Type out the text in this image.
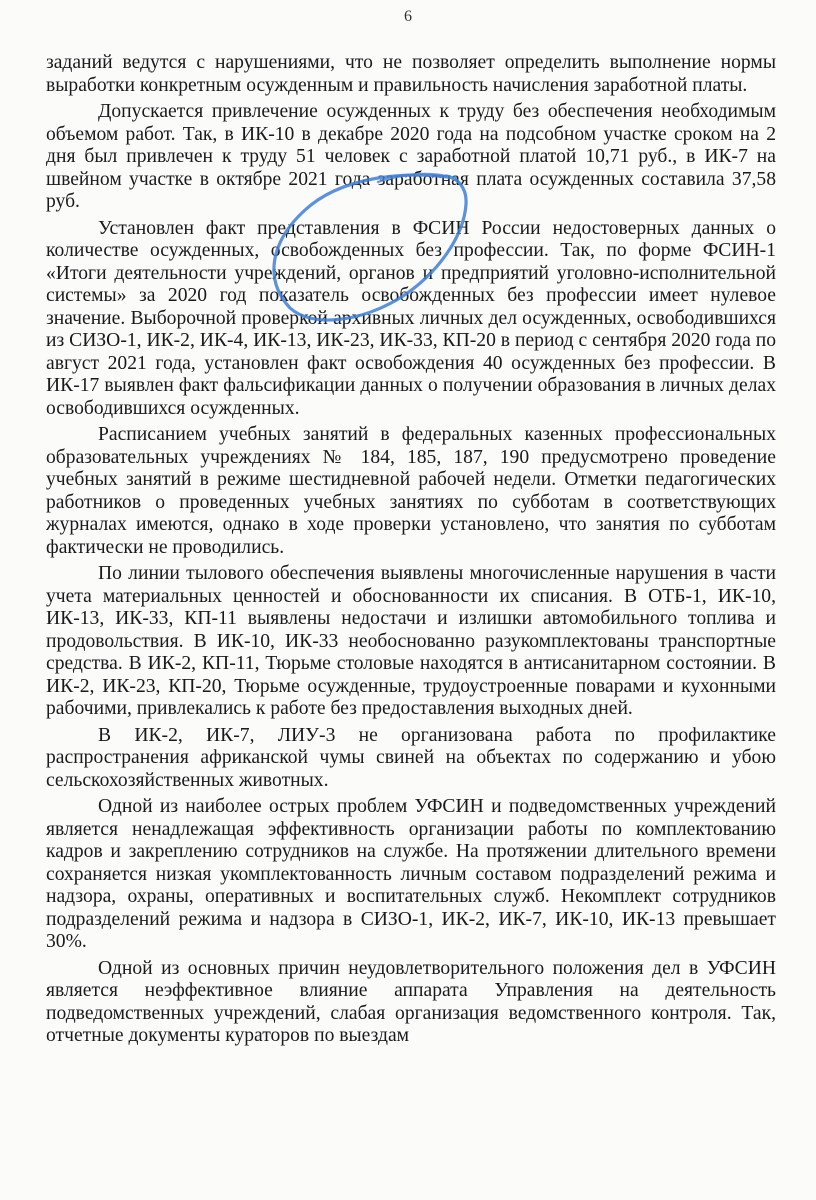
6

заданий ведутся с нарушениями, что не позволяет определить выполнение нормы выработки конкретным осужденным и правильность начисления заработной платы.

Допускается привлечение осужденных к труду без обеспечения необходимым объемом работ. Так, в ИК-10 в декабре 2020 года на подсобном участке сроком на 2 дня был привлечен к труду 51 человек с заработной платой 10,71 руб., в ИК-7 на швейном участке в октябре 2021 года заработная плата осужденных составила 37,58 руб.

Установлен факт представления в ФСИН России недостоверных данных о количестве осужденных, освобожденных без профессии. Так, по форме ФСИН-1 «Итоги деятельности учреждений, органов и предприятий уголовно-исполнительной системы» за 2020 год показатель освобожденных без профессии имеет нулевое значение. Выборочной проверкой архивных личных дел осужденных, освободившихся из СИЗО-1, ИК-2, ИК-4, ИК-13, ИК-23, ИК-33, КП-20 в период с сентября 2020 года по август 2021 года, установлен факт освобождения 40 осужденных без профессии. В ИК-17 выявлен факт фальсификации данных о получении образования в личных делах освободившихся осужденных.

Расписанием учебных занятий в федеральных казенных профессиональных образовательных учреждениях № 184, 185, 187, 190 предусмотрено проведение учебных занятий в режиме шестидневной рабочей недели. Отметки педагогических работников о проведенных учебных занятиях по субботам в соответствующих журналах имеются, однако в ходе проверки установлено, что занятия по субботам фактически не проводились.

По линии тылового обеспечения выявлены многочисленные нарушения в части учета материальных ценностей и обоснованности их списания. В ОТБ-1, ИК-10, ИК-13, ИК-33, КП-11 выявлены недостачи и излишки автомобильного топлива и продовольствия. В ИК-10, ИК-33 необоснованно разукомплектованы транспортные средства. В ИК-2, КП-11, Тюрьме столовые находятся в антисанитарном состоянии. В ИК-2, ИК-23, КП-20, Тюрьме осужденные, трудоустроенные поварами и кухонными рабочими, привлекались к работе без предоставления выходных дней.

В ИК-2, ИК-7, ЛИУ-3 не организована работа по профилактике распространения африканской чумы свиней на объектах по содержанию и убою сельскохозяйственных животных.

Одной из наиболее острых проблем УФСИН и подведомственных учреждений является ненадлежащая эффективность организации работы по комплектованию кадров и закреплению сотрудников на службе. На протяжении длительного времени сохраняется низкая укомплектованность личным составом подразделений режима и надзора, охраны, оперативных и воспитательных служб. Некомплект сотрудников подразделений режима и надзора в СИЗО-1, ИК-2, ИК-7, ИК-10, ИК-13 превышает 30%.

Одной из основных причин неудовлетворительного положения дел в УФСИН является неэффективное влияние аппарата Управления на деятельность подведомственных учреждений, слабая организация ведомственного контроля. Так, отчетные документы кураторов по выездам
